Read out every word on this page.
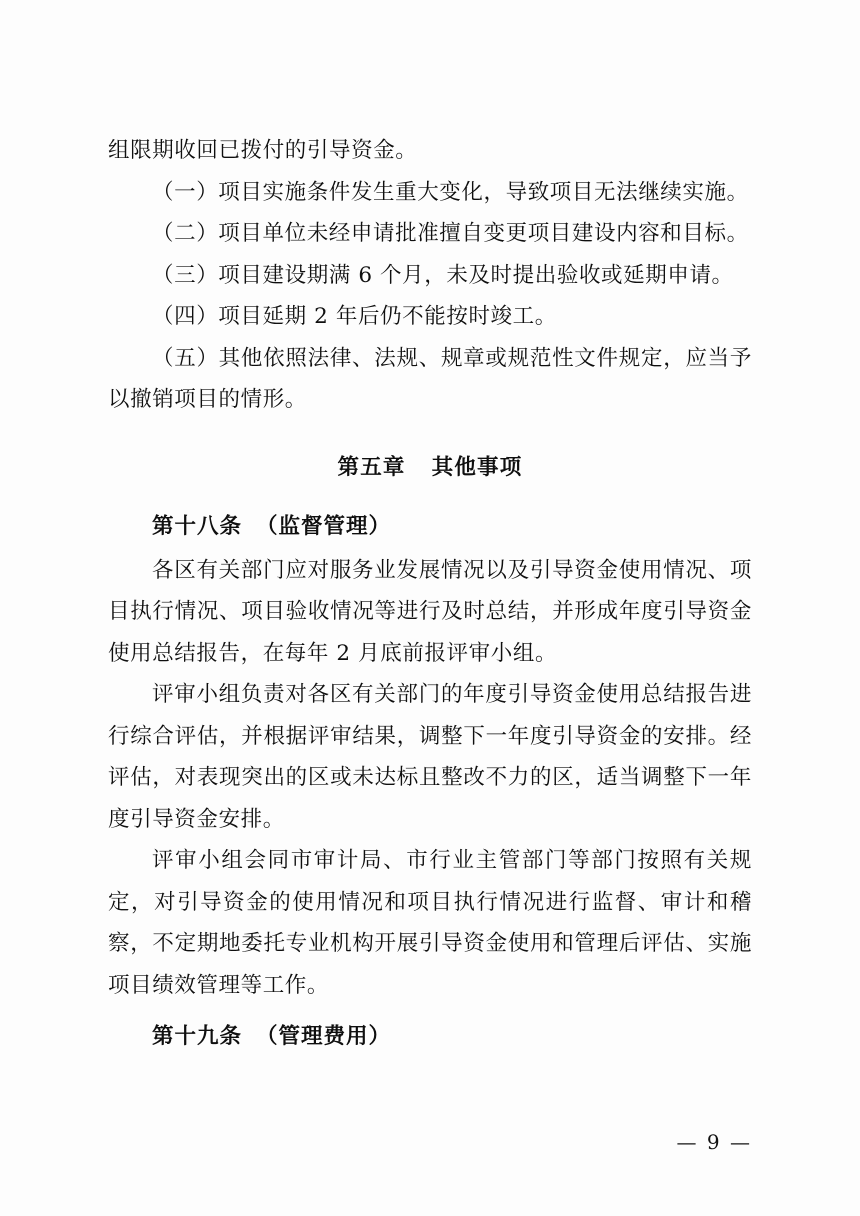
组限期收回已拨付的引导资金。

（一）项目实施条件发生重大变化，导致项目无法继续实施。

（二）项目单位未经申请批准擅自变更项目建设内容和目标。

（三）项目建设期满 6 个月，未及时提出验收或延期申请。

（四）项目延期 2 年后仍不能按时竣工。

（五）其他依照法律、法规、规章或规范性文件规定，应当予以撤销项目的情形。

第五章 其他事项
第十八条 （监督管理）

各区有关部门应对服务业发展情况以及引导资金使用情况、项目执行情况、项目验收情况等进行及时总结，并形成年度引导资金使用总结报告，在每年 2 月底前报评审小组。

评审小组负责对各区有关部门的年度引导资金使用总结报告进行综合评估，并根据评审结果，调整下一年度引导资金的安排。经评估，对表现突出的区或未达标且整改不力的区，适当调整下一年度引导资金安排。

评审小组会同市审计局、市行业主管部门等部门按照有关规定，对引导资金的使用情况和项目执行情况进行监督、审计和稽察，不定期地委托专业机构开展引导资金使用和管理后评估、实施项目绩效管理等工作。

第十九条 （管理费用）
— 9 —
